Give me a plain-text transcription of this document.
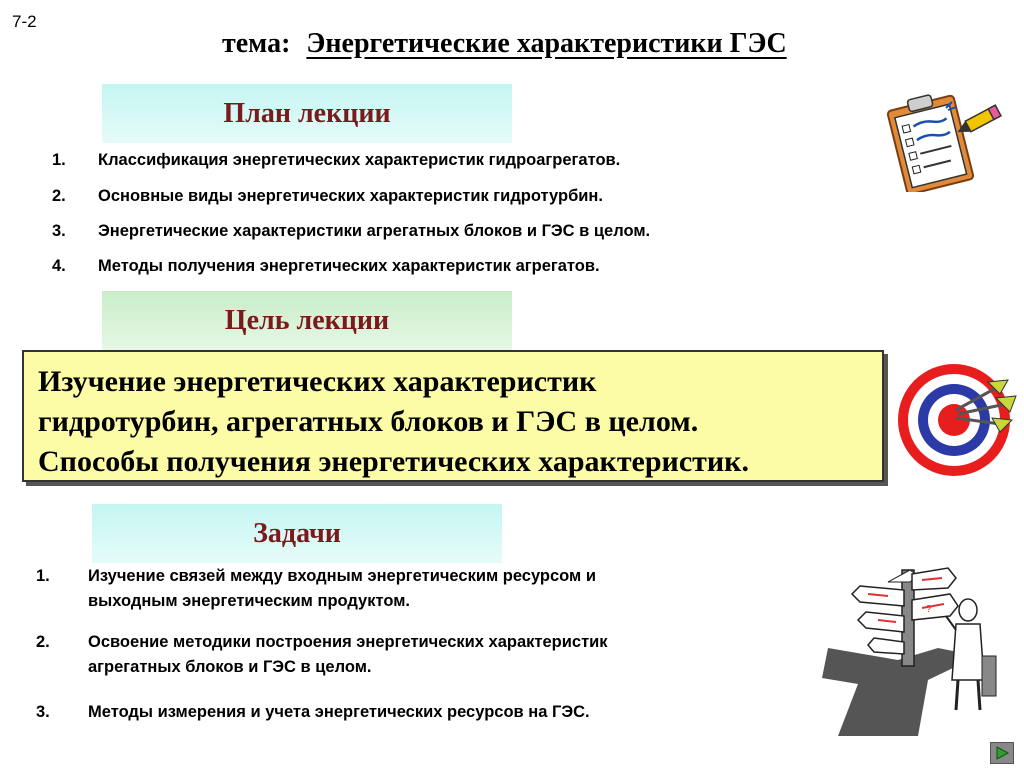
7-2
тема: Энергетические характеристики ГЭС
?
План лекции
1.	Классификация энергетических характеристик гидроагрегатов.
2.	Основные виды энергетических характеристик гидротурбин.
3.	Энергетические характеристики агрегатных блоков и ГЭС в целом.
4.	Методы получения энергетических характеристик агрегатов.
Цель лекции
Изучение энергетических характеристик
гидротурбин, агрегатных блоков и ГЭС в целом.
Способы получения энергетических характеристик.
Задачи
1.	Изучение связей между входным энергетическим ресурсом и
выходным энергетическим продуктом.
2.	Освоение методики построения энергетических характеристик
агрегатных блоков и ГЭС в целом.
3.	Методы измерения и учета энергетических ресурсов на ГЭС.
